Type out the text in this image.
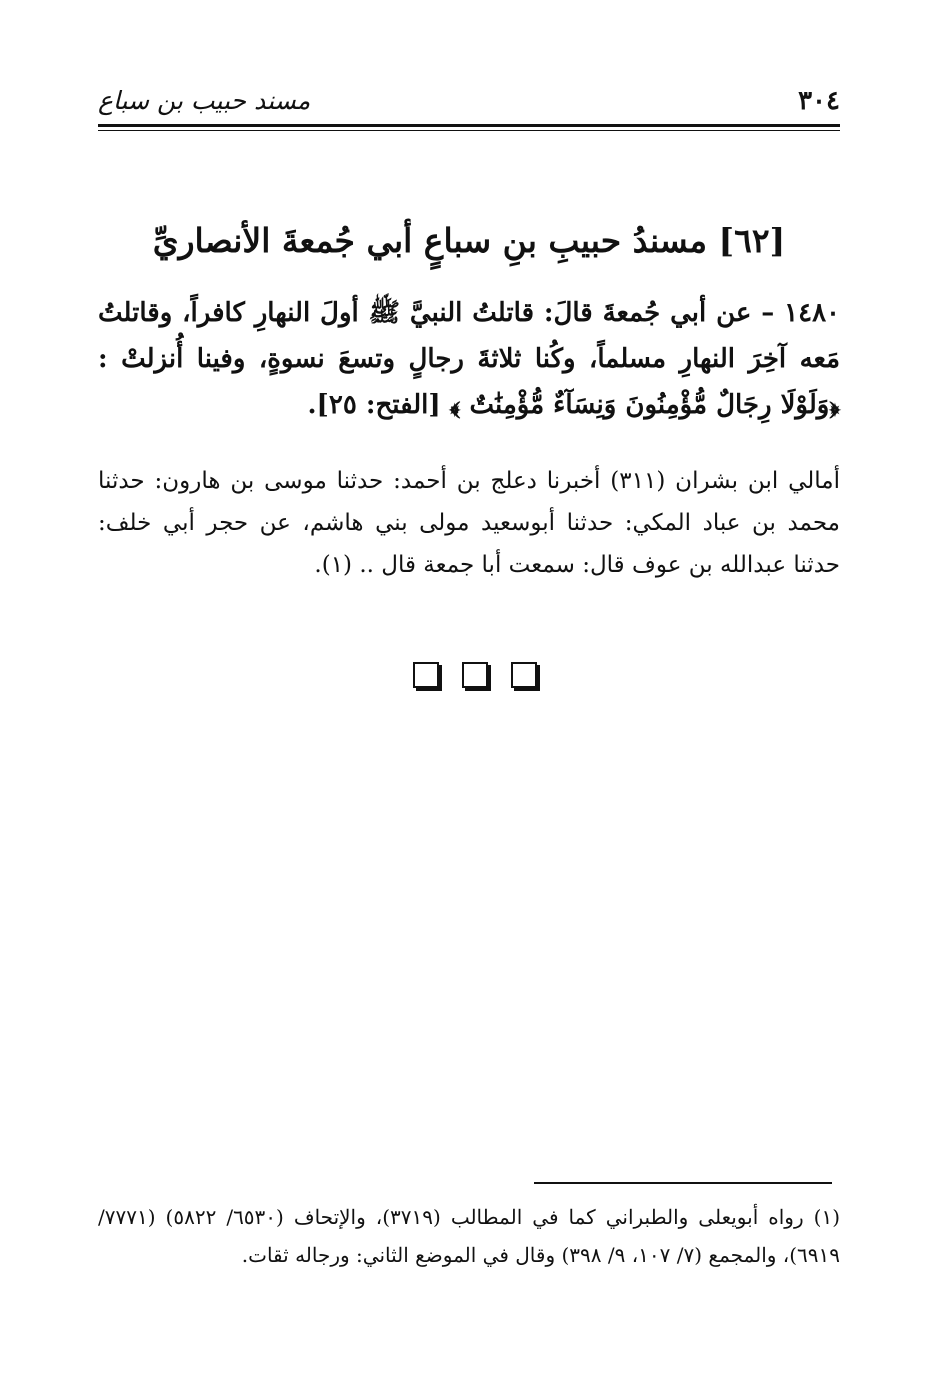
٣٠٤
مسند حبيب بن سباع
[٦٢] مسندُ حبيبِ بنِ سباعٍ أبي جُمعةَ الأنصاريِّ

١٤٨٠ – عن أبي جُمعةَ قالَ: قاتلتُ النبيَّ ﷺ أولَ النهارِ كافراً، وقاتلتُ مَعه آخِرَ النهارِ مسلماً، وكُنا ثلاثةَ رجالٍ وتسعَ نسوةٍ، وفينا أُنزلتْ : ﴿وَلَوْلَا رِجَالٌ مُّؤْمِنُونَ وَنِسَآءٌ مُّؤْمِنَٰتٌ ﴾ [الفتح: ٢٥].

أمالي ابن بشران (٣١١) أخبرنا دعلج بن أحمد: حدثنا موسى بن هارون: حدثنا محمد بن عباد المكي: حدثنا أبوسعيد مولى بني هاشم، عن حجر أبي خلف: حدثنا عبدالله بن عوف قال: سمعت أبا جمعة قال .. (١).

(١) رواه أبويعلى والطبراني كما في المطالب (٣٧١٩)، والإتحاف (٦٥٣٠/ ٥٨٢٢) (٧٧٧١/ ٦٩١٩)، والمجمع (٧/ ١٠٧، ٩/ ٣٩٨) وقال في الموضع الثاني: ورجاله ثقات.
